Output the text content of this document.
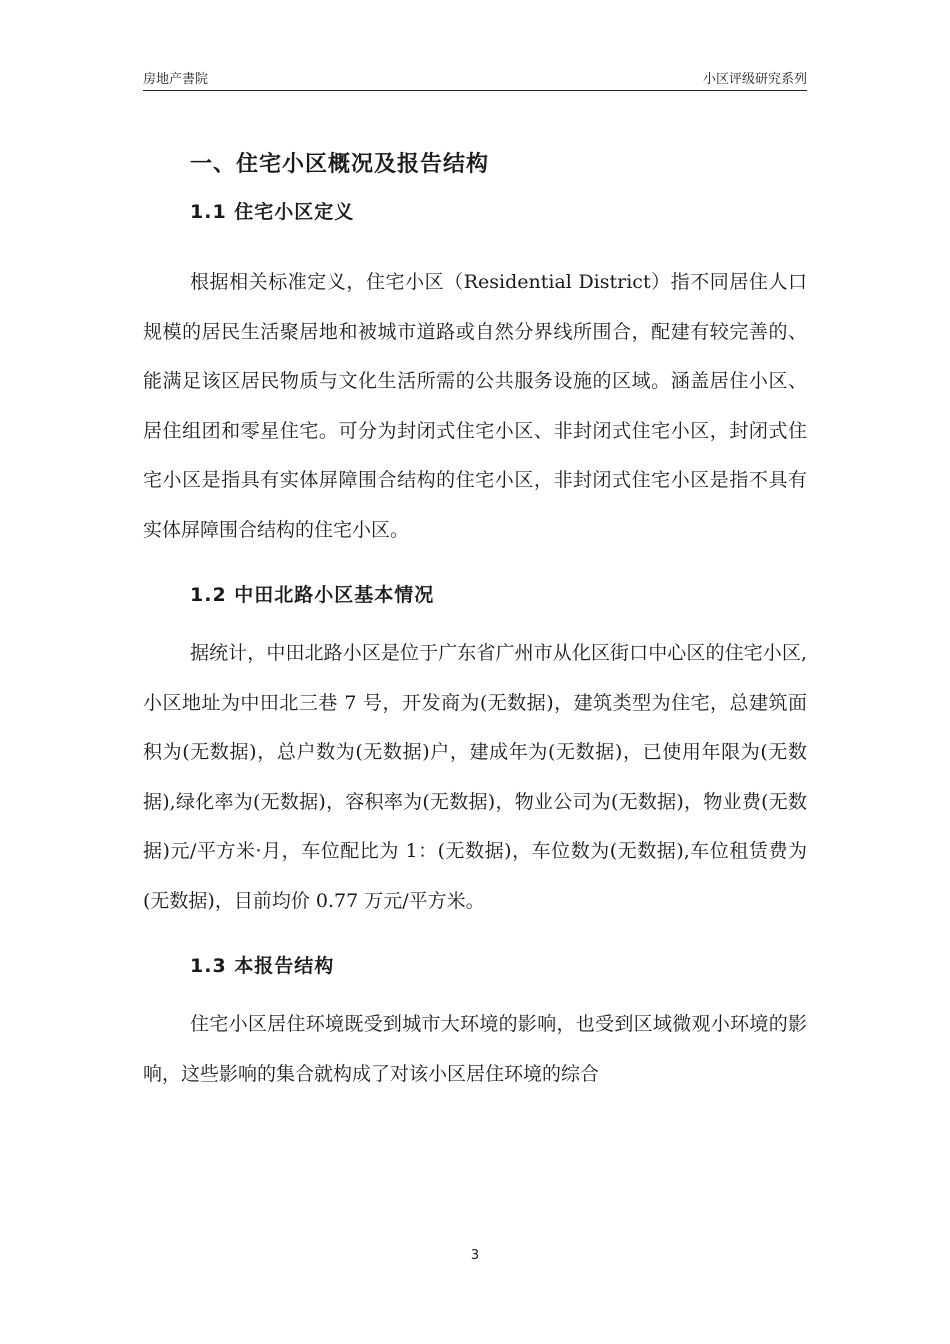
房地产書院	小区评级研究系列
一、住宅小区概况及报告结构
1.1 住宅小区定义

根据相关标准定义，住宅小区（Residential District）指不同居住人口规模的居民生活聚居地和被城市道路或自然分界线所围合，配建有较完善的、能满足该区居民物质与文化生活所需的公共服务设施的区域。涵盖居住小区、居住组团和零星住宅。可分为封闭式住宅小区、非封闭式住宅小区，封闭式住宅小区是指具有实体屏障围合结构的住宅小区，非封闭式住宅小区是指不具有实体屏障围合结构的住宅小区。

1.2 中田北路小区基本情况

据统计，中田北路小区是位于广东省广州市从化区街口中心区的住宅小区,小区地址为中田北三巷 7 号，开发商为(无数据)，建筑类型为住宅，总建筑面积为(无数据)，总户数为(无数据)户，建成年为(无数据)，已使用年限为(无数据),绿化率为(无数据)，容积率为(无数据)，物业公司为(无数据)，物业费(无数据)元/平方米·月，车位配比为 1：(无数据)，车位数为(无数据),车位租赁费为(无数据)，目前均价 0.77 万元/平方米。

1.3 本报告结构

住宅小区居住环境既受到城市大环境的影响，也受到区域微观小环境的影响，这些影响的集合就构成了对该小区居住环境的综合

3
